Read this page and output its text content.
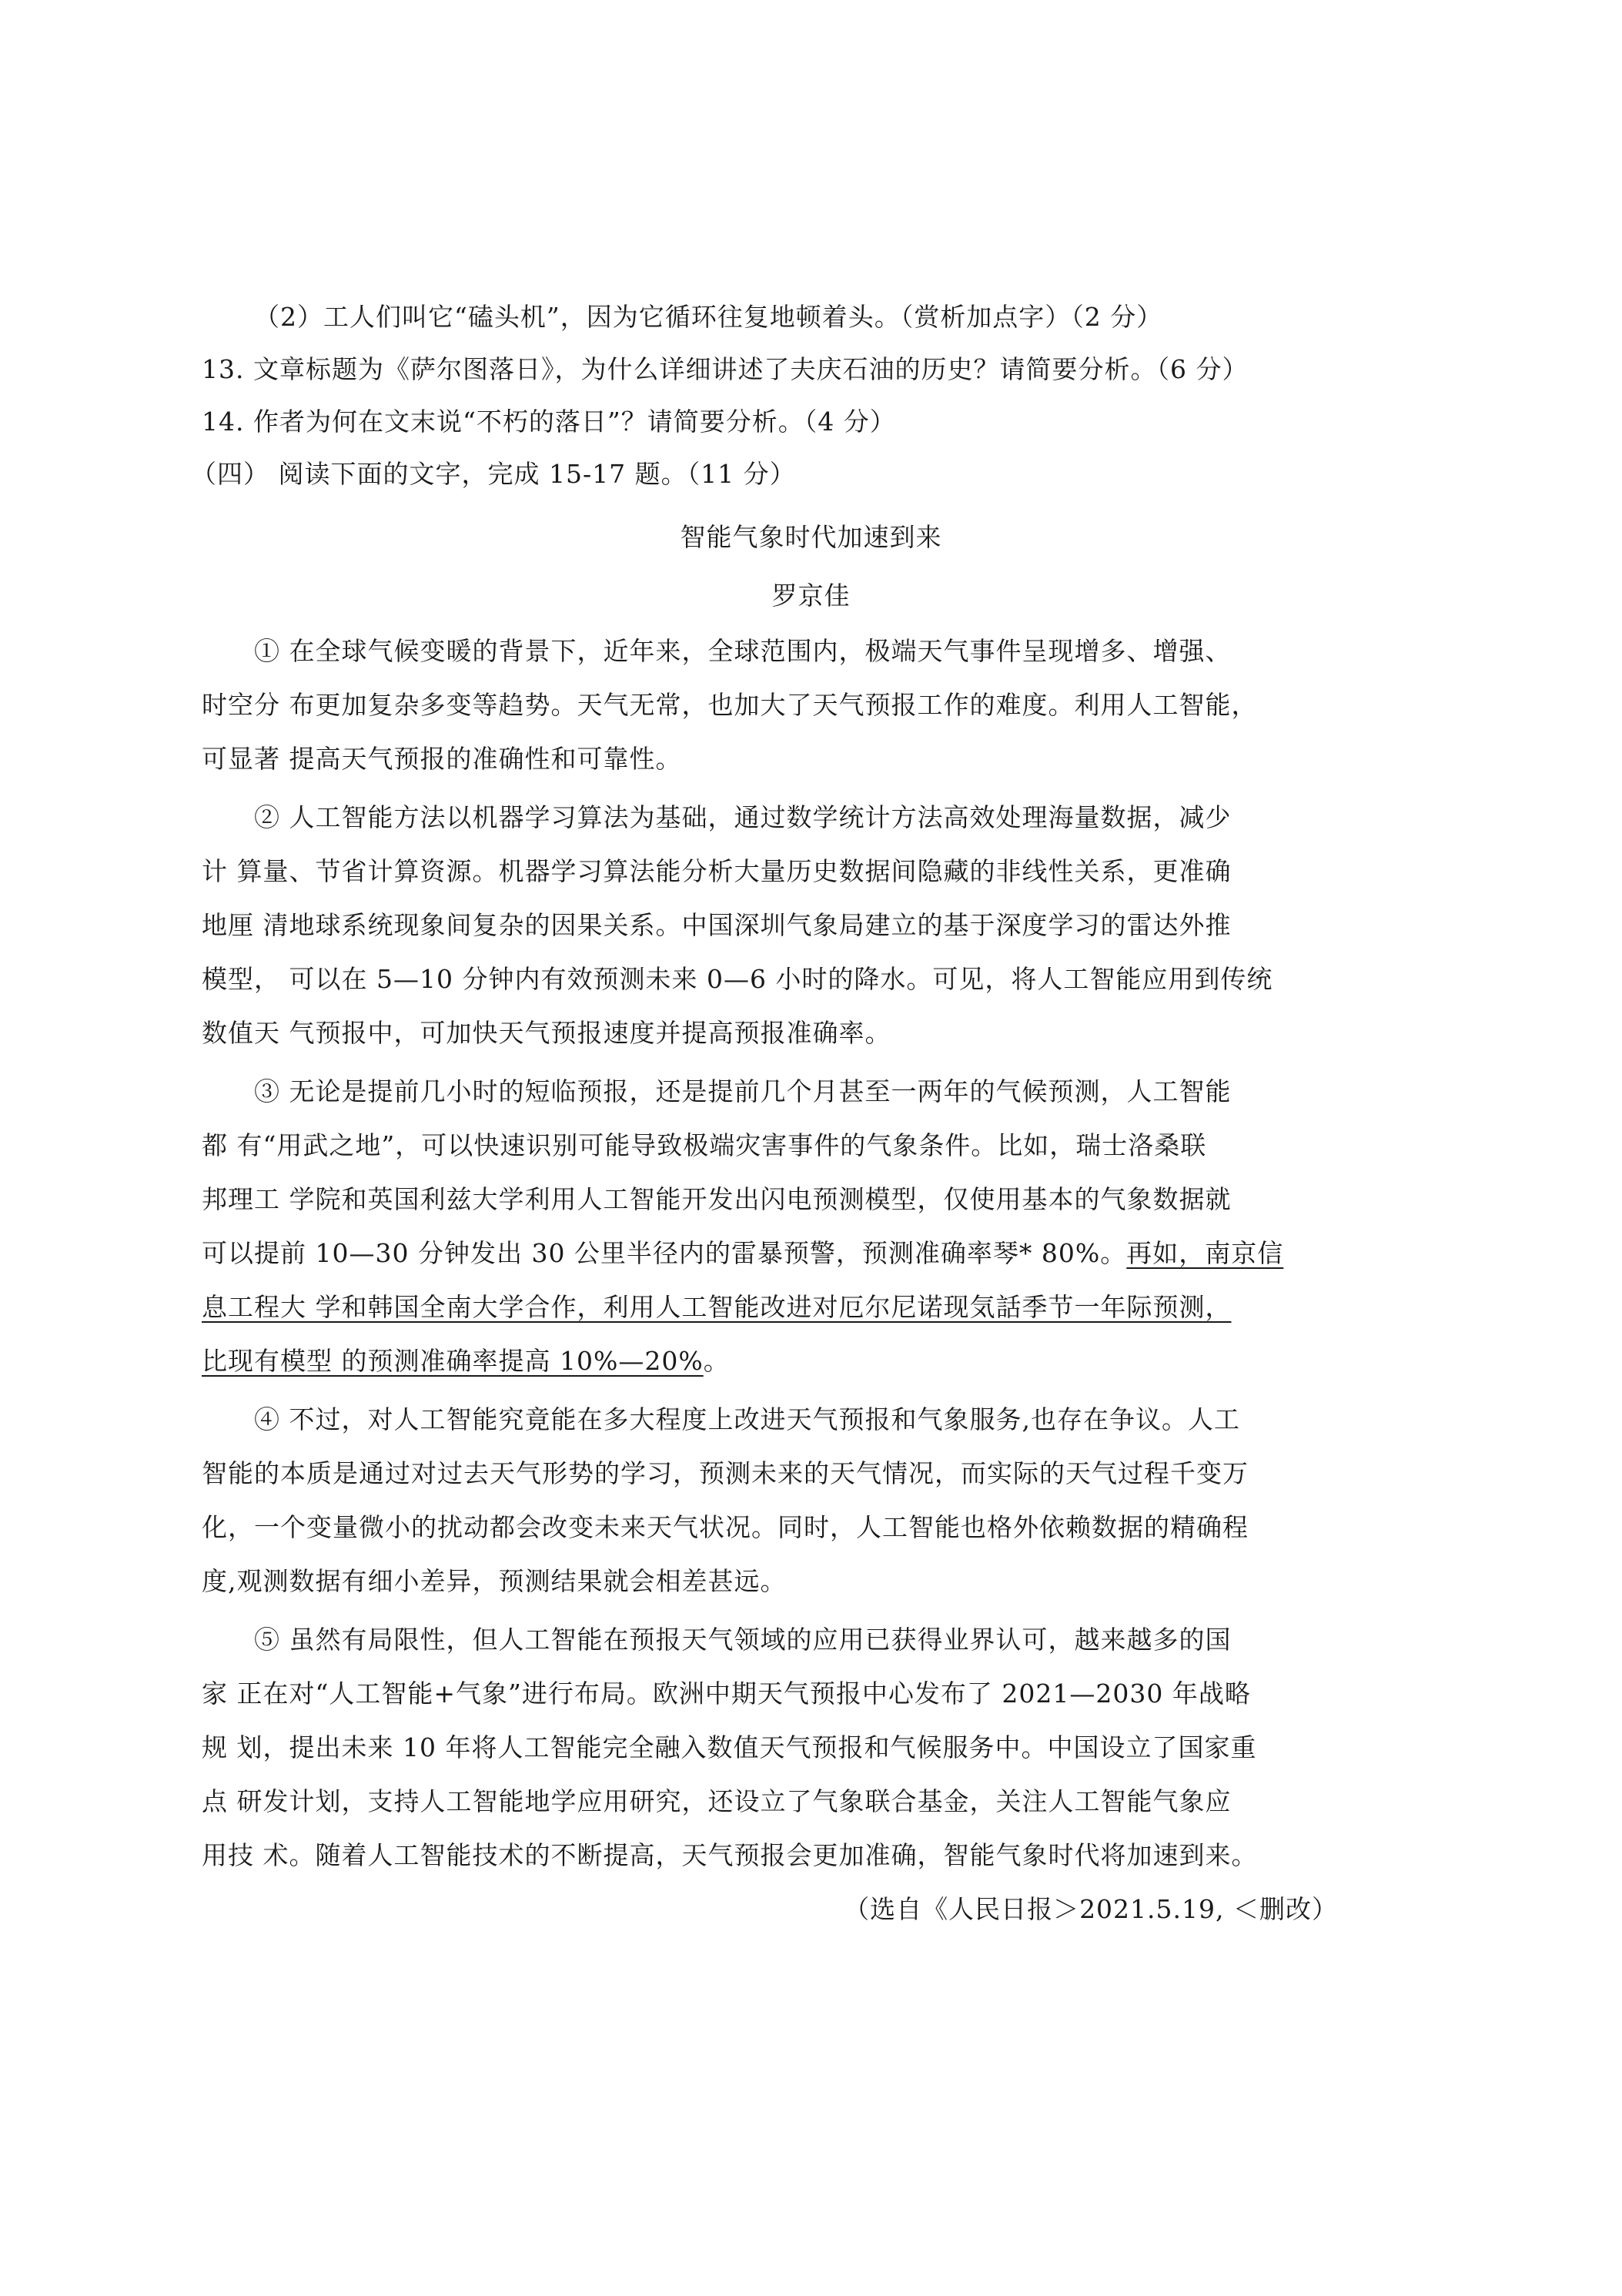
（2）工人们叫它“磕头机”，因为它循环往复地顿着头。（赏析加点字）（2 分）
13. 文章标题为《萨尔图落日》，为什么详细讲述了夫庆石油的历史？请简要分析。（6 分）
14. 作者为何在文末说“不朽的落日”？请简要分析。（4 分）
（四） 阅读下面的文字，完成 15-17 题。（11 分）
智能气象时代加速到来
罗京佳
① 在全球气候变暖的背景下，近年来，全球范围内，极端天气事件呈现增多、增强、
时空分 布更加复杂多变等趋势。天气无常，也加大了天气预报工作的难度。利用人工智能，
可显著 提高天气预报的准确性和可靠性。
② 人工智能方法以机器学习算法为基础，通过数学统计方法高效处理海量数据，减少
计 算量、节省计算资源。机器学习算法能分析大量历史数据间隐藏的非线性关系，更准确
地厘 清地球系统现象间复杂的因果关系。中国深圳气象局建立的基于深度学习的雷达外推
模型， 可以在 5—10 分钟内有效预测未来 0—6 小时的降水。可见，将人工智能应用到传统
数值天 气预报中，可加快天气预报速度并提高预报准确率。
③ 无论是提前几小时的短临预报，还是提前几个月甚至一两年的气候预测，人工智能
都 有“用武之地”，可以快速识别可能导致极端灾害事件的气象条件。比如，瑞士洛桑联
邦理工 学院和英国利兹大学利用人工智能开发出闪电预测模型，仅使用基本的气象数据就
可以提前 10—30 分钟发出 30 公里半径内的雷暴预警，预测准确率琴* 80%。再如，南京信
息工程大 学和韩国全南大学合作，利用人工智能改进对厄尔尼诺现気話季节一年际预测，
比现有模型 的预测准确率提高 10%—20%。
④ 不过，对人工智能究竟能在多大程度上改进天气预报和气象服务,也存在争议。人工
智能的本质是通过对过去天气形势的学习，预测未来的天气情况，而实际的天气过程千变万
化，一个变量微小的扰动都会改变未来天气状况。同时，人工智能也格外依赖数据的精确程
度,观测数据有细小差异，预测结果就会相差甚远。
⑤ 虽然有局限性，但人工智能在预报天气领域的应用已获得业界认可，越来越多的国
家 正在对“人工智能+气象”进行布局。欧洲中期天气预报中心发布了 2021—2030 年战略
规 划，提出未来 10 年将人工智能完全融入数值天气预报和气候服务中。中国设立了国家重
点 研发计划，支持人工智能地学应用研究，还设立了气象联合基金，关注人工智能气象应
用技 术。随着人工智能技术的不断提高，天气预报会更加准确，智能气象时代将加速到来。
（选自《人民日报＞2021.5.19, ＜删改）
